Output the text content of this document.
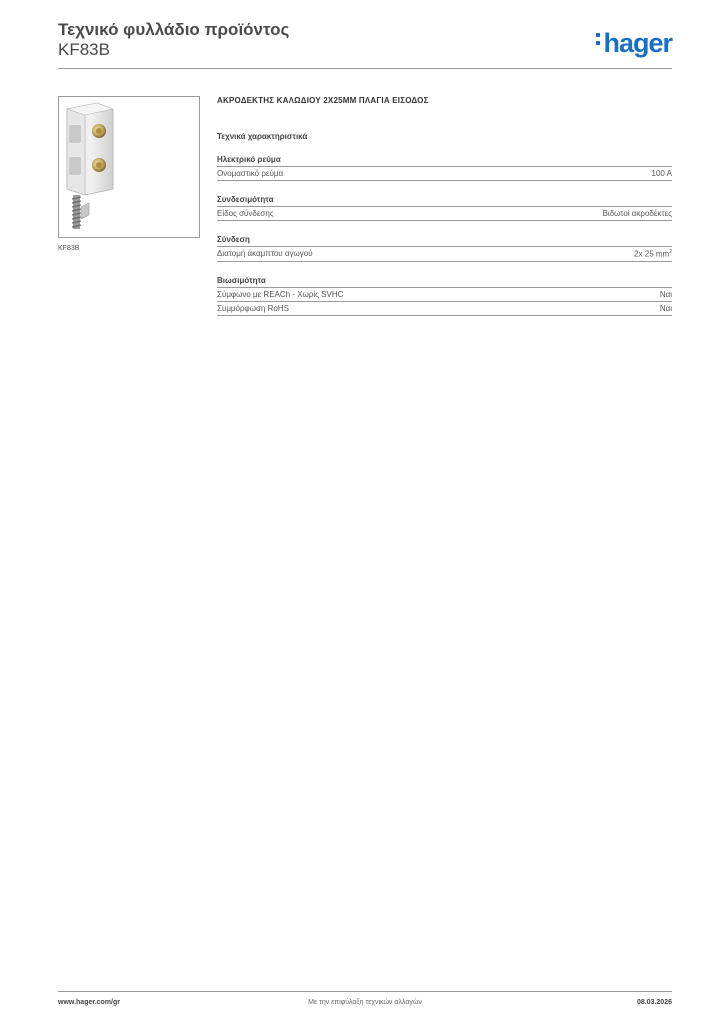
Τεχνικό φυλλάδιο προϊόντος
KF83B	hager
KF83B
ΑΚΡΟΔΕΚΤΗΣ ΚΑΛΩΔΙΟΥ 2Χ25ΜΜ ΠΛΑΓΙΑ ΕΙΣΟΔΟΣ
Τεχνικά χαρακτηριστικά
Ηλεκτρικό ρεύμα
Ονομαστικό ρεύμα	100 A
Συνδεσιμότητα
Είδος σύνδεσης	Βιδωτοί ακροδέκτες
Σύνδεση
Διατομή άκαμπτου αγωγού	2x 25 $mm^2$
Βιωσιμότητα
Σύμφωνο με REACh - Χωρίς SVHC	Ναι
Συμμόρφωση RoHS	Ναι
www.hager.com/gr	Με την επιφύλαξη τεχνικών αλλαγών	08.03.2026
